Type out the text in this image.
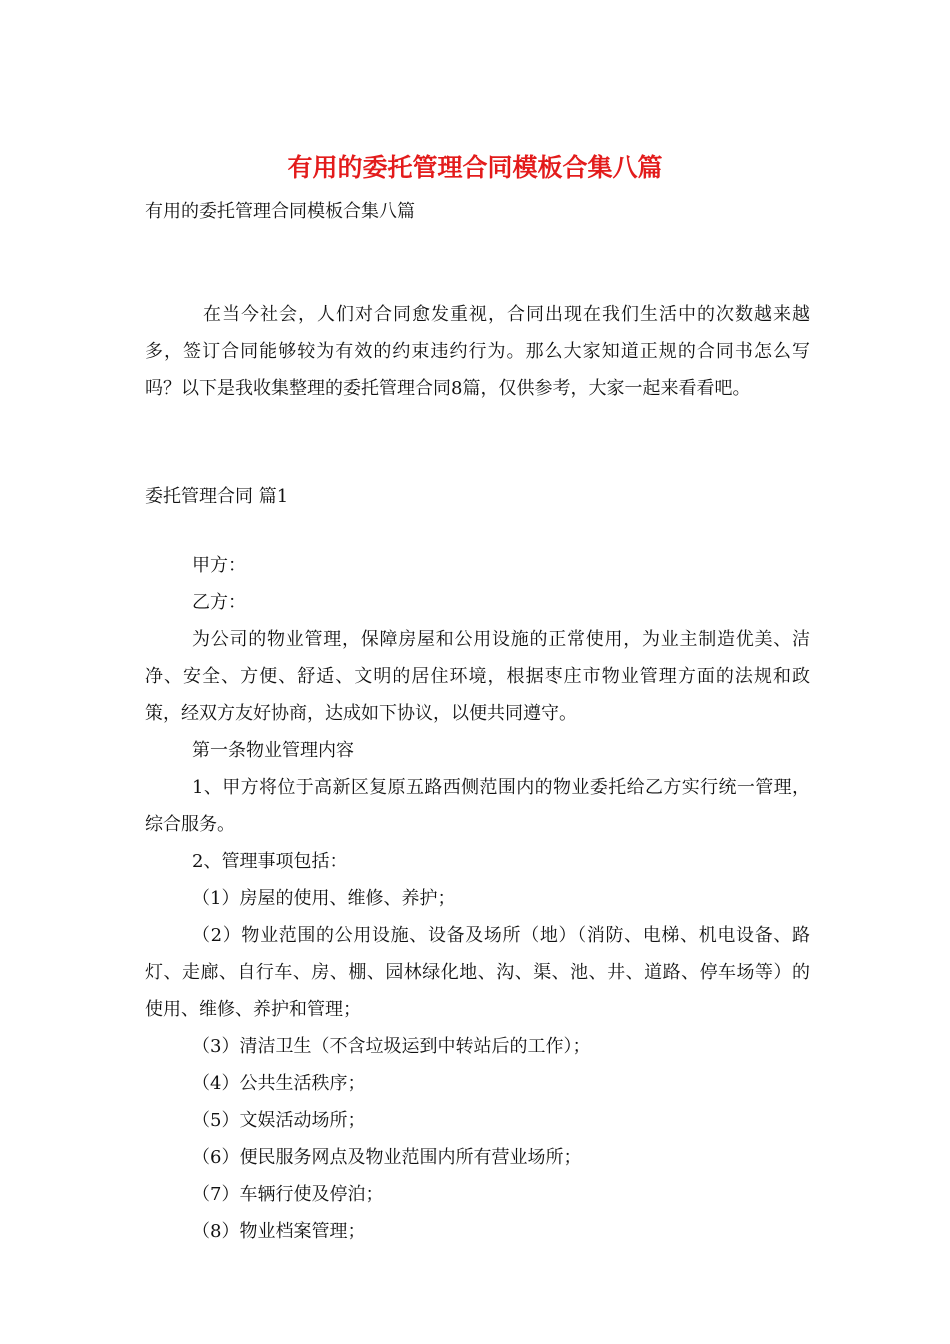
有用的委托管理合同模板合集八篇
有用的委托管理合同模板合集八篇

在当今社会，人们对合同愈发重视，合同出现在我们生活中的次数越来越多，签订合同能够较为有效的约束违约行为。那么大家知道正规的合同书怎么写吗？以下是我收集整理的委托管理合同8篇，仅供参考，大家一起来看看吧。

委托管理合同 篇1

甲方：

乙方：

为公司的物业管理，保障房屋和公用设施的正常使用，为业主制造优美、洁净、安全、方便、舒适、文明的居住环境，根据枣庄市物业管理方面的法规和政策，经双方友好协商，达成如下协议，以便共同遵守。

第一条物业管理内容

1、甲方将位于高新区复原五路西侧范围内的物业委托给乙方实行统一管理，综合服务。

2、管理事项包括：

（1）房屋的使用、维修、养护；

（2）物业范围的公用设施、设备及场所（地）（消防、电梯、机电设备、路灯、走廊、自行车、房、棚、园林绿化地、沟、渠、池、井、道路、停车场等）的使用、维修、养护和管理；

（3）清洁卫生（不含垃圾运到中转站后的工作）；

（4）公共生活秩序；

（5）文娱活动场所；

（6）便民服务网点及物业范围内所有营业场所；

（7）车辆行使及停泊；

（8）物业档案管理；
